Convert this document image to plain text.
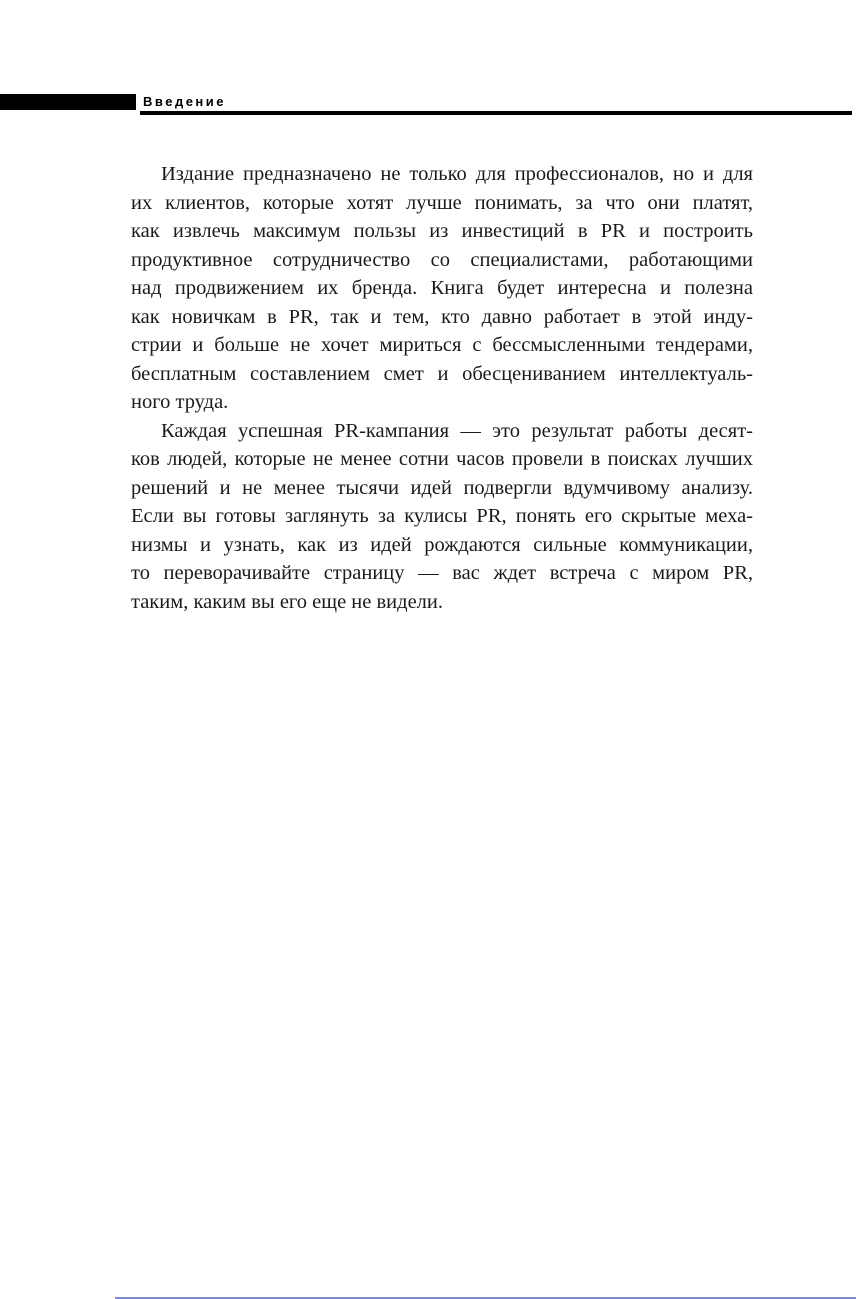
Введение
Издание предназначено не только для профессионалов, но и для
их клиентов, которые хотят лучше понимать, за что они платят,
как извлечь максимум пользы из инвестиций в PR и построить
продуктивное сотрудничество со специалистами, работающими
над продвижением их бренда. Книга будет интересна и полезна
как новичкам в PR, так и тем, кто давно работает в этой инду-
стрии и больше не хочет мириться с бессмысленными тендерами,
бесплатным составлением смет и обесцениванием интеллектуаль-
ного труда.
Каждая успешная PR-кампания — это результат работы десят-
ков людей, которые не менее сотни часов провели в поисках лучших
решений и не менее тысячи идей подвергли вдумчивому анализу.
Если вы готовы заглянуть за кулисы PR, понять его скрытые меха-
низмы и узнать, как из идей рождаются сильные коммуникации,
то переворачивайте страницу — вас ждет встреча с миром PR,
таким, каким вы его еще не видели.
